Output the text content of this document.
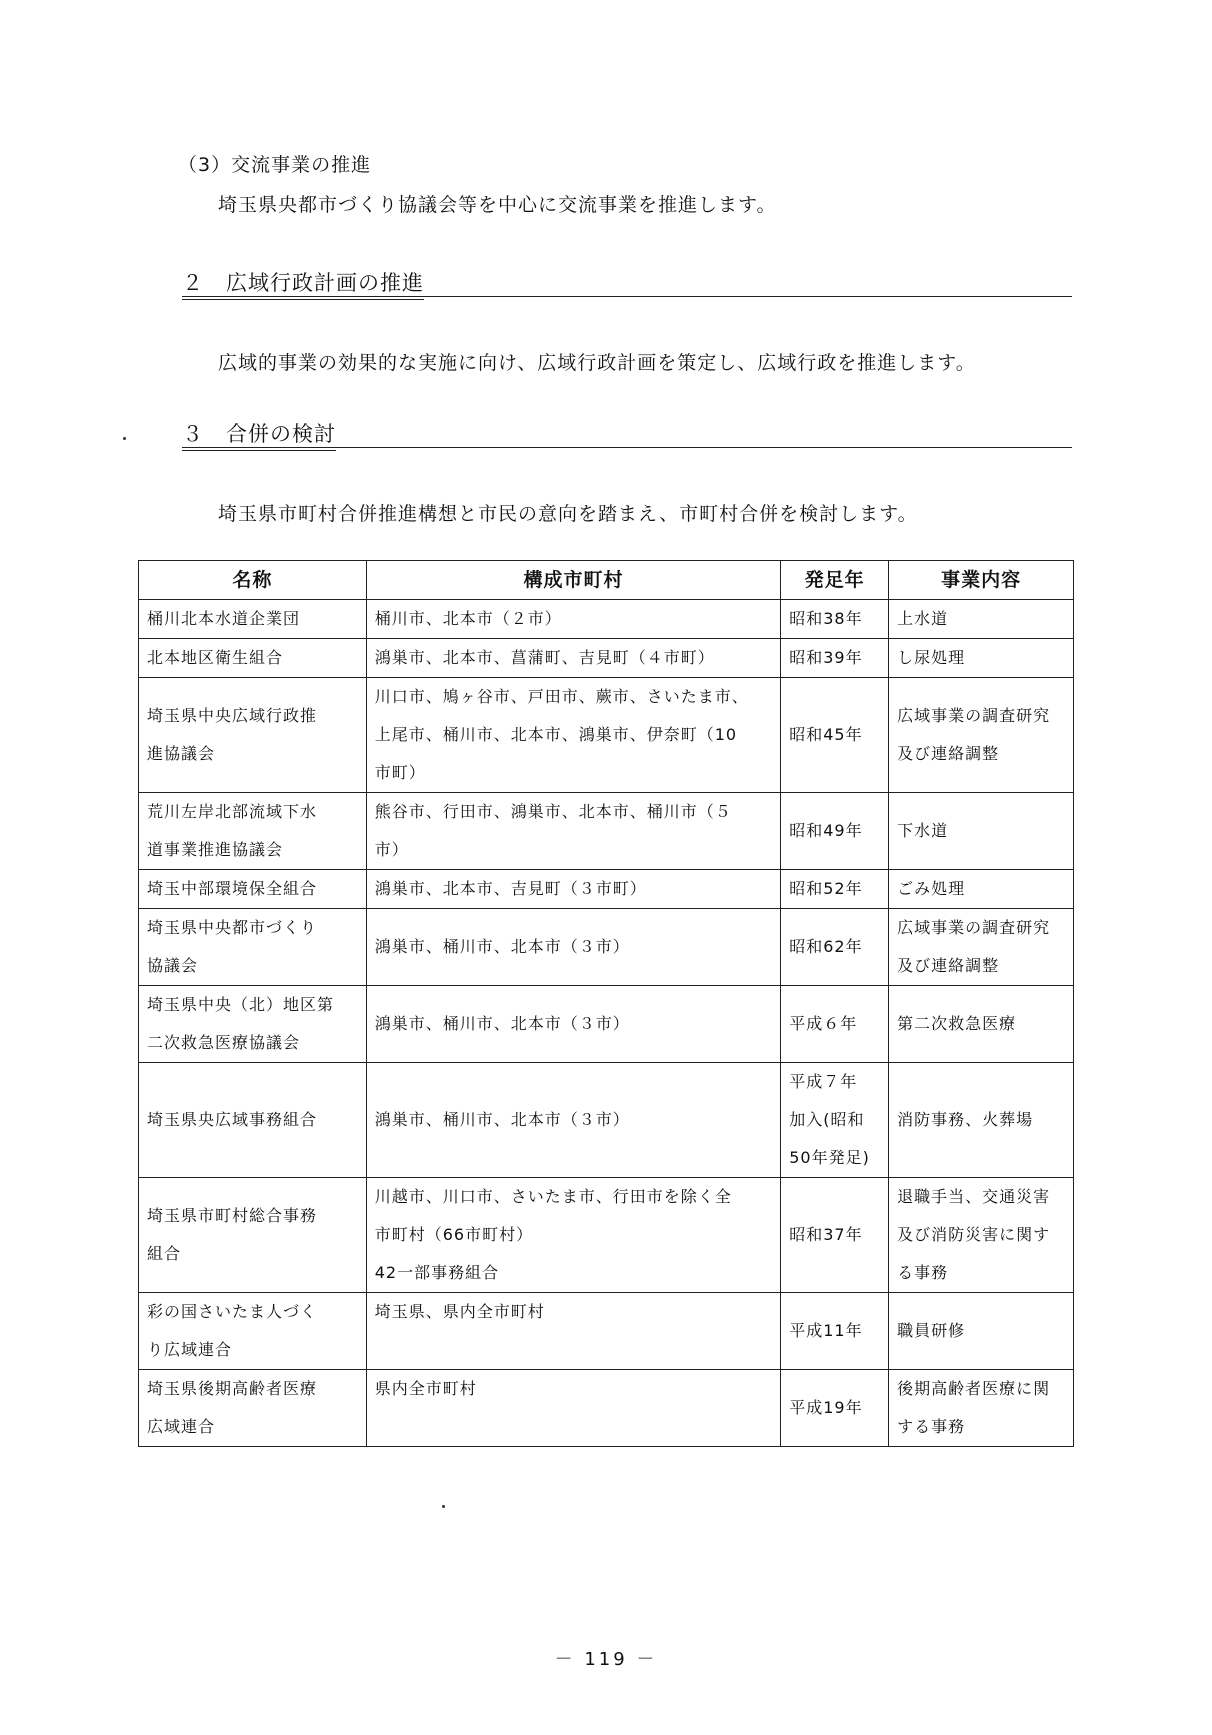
（3）交流事業の推進
埼玉県央都市づくり協議会等を中心に交流事業を推進します。
２　広域行政計画の推進
広域的事業の効果的な実施に向け、広域行政計画を策定し、広域行政を推進します。
３　合併の検討
埼玉県市町村合併推進構想と市民の意向を踏まえ、市町村合併を検討します。
名称	構成市町村	発足年	事業内容

桶川北本水道企業団	桶川市、北本市（２市）	昭和38年	上水道

北本地区衛生組合	鴻巣市、北本市、菖蒲町、吉見町（４市町）	昭和39年	し尿処理

埼玉県中央広域行政推
進協議会	川口市、鳩ヶ谷市、戸田市、蕨市、さいたま市、
上尾市、桶川市、北本市、鴻巣市、伊奈町（10
市町）	昭和45年	広域事業の調査研究
及び連絡調整

荒川左岸北部流域下水
道事業推進協議会	熊谷市、行田市、鴻巣市、北本市、桶川市（５
市）	昭和49年	下水道

埼玉中部環境保全組合	鴻巣市、北本市、吉見町（３市町）	昭和52年	ごみ処理

埼玉県中央都市づくり
協議会	鴻巣市、桶川市、北本市（３市）	昭和62年	広域事業の調査研究
及び連絡調整

埼玉県中央（北）地区第
二次救急医療協議会	鴻巣市、桶川市、北本市（３市）	平成６年	第二次救急医療

埼玉県央広域事務組合	鴻巣市、桶川市、北本市（３市）	平成７年
加入(昭和
50年発足)	消防事務、火葬場

埼玉県市町村総合事務
組合	川越市、川口市、さいたま市、行田市を除く全
市町村（66市町村）
42一部事務組合	昭和37年	退職手当、交通災害
及び消防災害に関す
る事務

彩の国さいたま人づく
り広域連合	埼玉県、県内全市町村	平成11年	職員研修

埼玉県後期高齢者医療
広域連合	県内全市町村	平成19年	後期高齢者医療に関
する事務
－ 119 －
